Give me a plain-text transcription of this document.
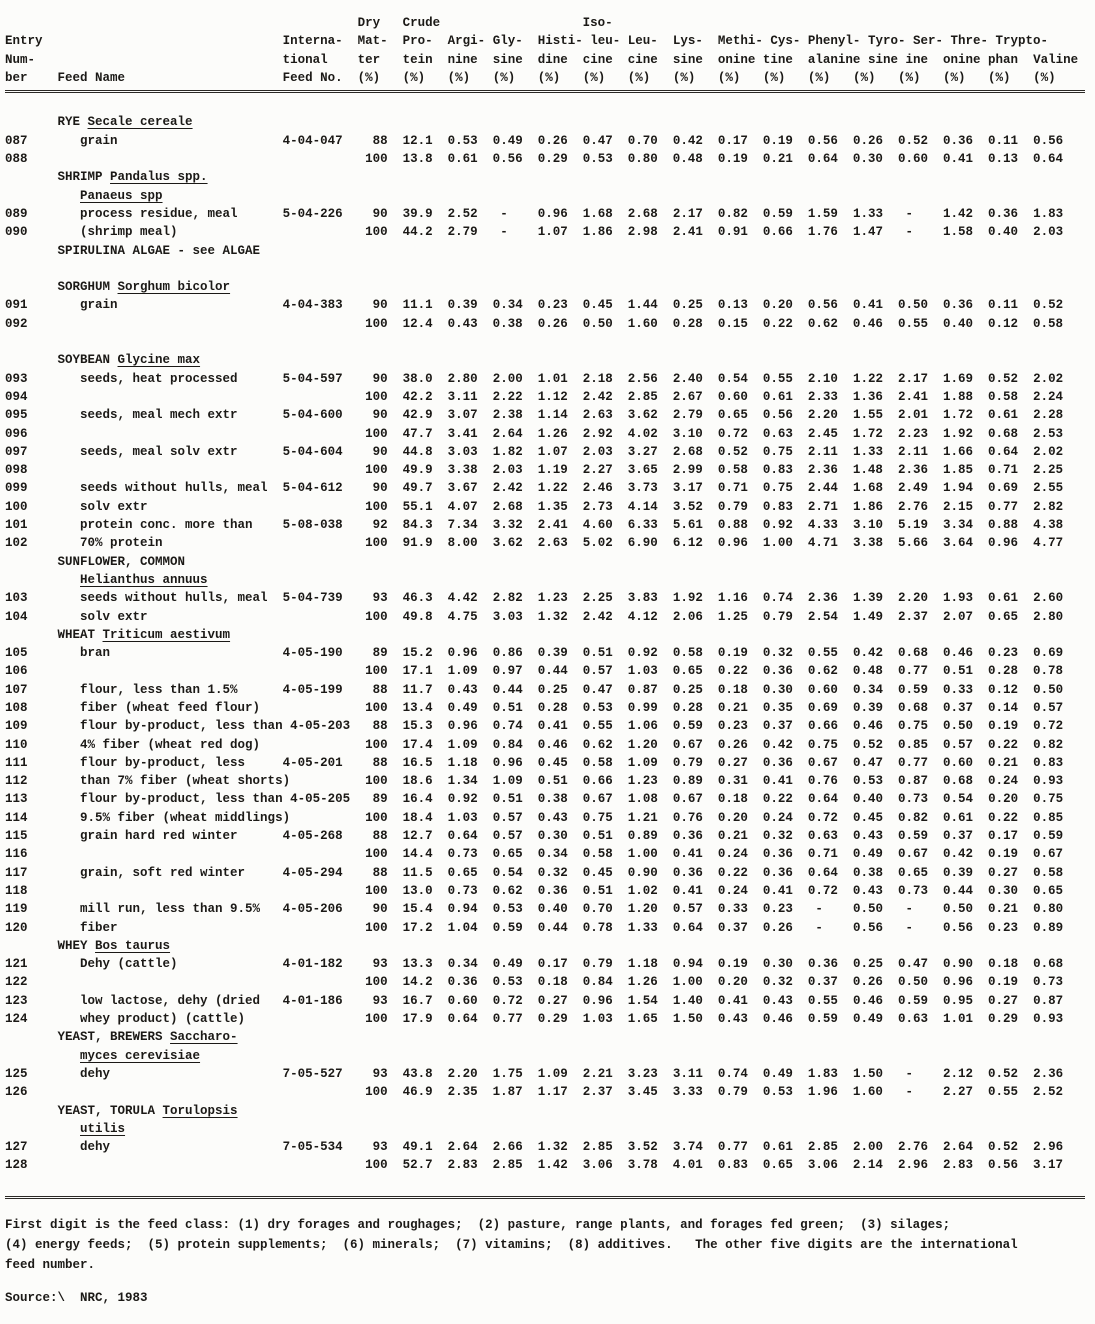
Dry Crude	Iso-
Entry	Interna- Mat- Pro- Argi- Gly- Histi- leu- Leu- Lys- Methi- Cys- Phenyl- Tyro- Ser- Thre- Trypto-
Num-	tional ter tein nine sine dine cine cine sine onine tine alanine sine ine onine phan Valine
ber Feed Name	Feed No. (%) (%) (%) (%) (%) (%) (%) (%) (%) (%) (%) (%) (%) (%) (%) (%)
RYE Secale cereale
087	grain	4-04-047 88 12.1 0.53 0.49 0.26 0.47 0.70 0.42 0.17 0.19 0.56 0.26 0.52 0.36 0.11 0.56
088	100 13.8 0.61 0.56 0.29 0.53 0.80 0.48 0.19 0.21 0.64 0.30 0.60 0.41 0.13 0.64
SHRIMP Pandalus spp.
Panaeus spp
089	process residue, meal	5-04-226 90 39.9 2.52 - 0.96 1.68 2.68 2.17 0.82 0.59 1.59 1.33 - 1.42 0.36 1.83
090	(shrimp meal)	100 44.2 2.79 - 1.07 1.86 2.98 2.41 0.91 0.66 1.76 1.47 - 1.58 0.40 2.03
SPIRULINA ALGAE - see ALGAE
SORGHUM Sorghum bicolor
091	grain	4-04-383 90 11.1 0.39 0.34 0.23 0.45 1.44 0.25 0.13 0.20 0.56 0.41 0.50 0.36 0.11 0.52
092	100 12.4 0.43 0.38 0.26 0.50 1.60 0.28 0.15 0.22 0.62 0.46 0.55 0.40 0.12 0.58
SOYBEAN Glycine max
093	seeds, heat processed	5-04-597 90 38.0 2.80 2.00 1.01 2.18 2.56 2.40 0.54 0.55 2.10 1.22 2.17 1.69 0.52 2.02
094	100 42.2 3.11 2.22 1.12 2.42 2.85 2.67 0.60 0.61 2.33 1.36 2.41 1.88 0.58 2.24
095	seeds, meal mech extr	5-04-600 90 42.9 3.07 2.38 1.14 2.63 3.62 2.79 0.65 0.56 2.20 1.55 2.01 1.72 0.61 2.28
096	100 47.7 3.41 2.64 1.26 2.92 4.02 3.10 0.72 0.63 2.45 1.72 2.23 1.92 0.68 2.53
097	seeds, meal solv extr	5-04-604 90 44.8 3.03 1.82 1.07 2.03 3.27 2.68 0.52 0.75 2.11 1.33 2.11 1.66 0.64 2.02
098	100 49.9 3.38 2.03 1.19 2.27 3.65 2.99 0.58 0.83 2.36 1.48 2.36 1.85 0.71 2.25
099	seeds without hulls, meal 5-04-612 90 49.7 3.67 2.42 1.22 2.46 3.73 3.17 0.71 0.75 2.44 1.68 2.49 1.94 0.69 2.55
100	solv extr	100 55.1 4.07 2.68 1.35 2.73 4.14 3.52 0.79 0.83 2.71 1.86 2.76 2.15 0.77 2.82
101	protein conc. more than 5-08-038 92 84.3 7.34 3.32 2.41 4.60 6.33 5.61 0.88 0.92 4.33 3.10 5.19 3.34 0.88 4.38
102	70% protein	100 91.9 8.00 3.62 2.63 5.02 6.90 6.12 0.96 1.00 4.71 3.38 5.66 3.64 0.96 4.77
SUNFLOWER, COMMON
Helianthus annuus
103	seeds without hulls, meal 5-04-739 93 46.3 4.42 2.82 1.23 2.25 3.83 1.92 1.16 0.74 2.36 1.39 2.20 1.93 0.61 2.60
104	solv extr	100 49.8 4.75 3.03 1.32 2.42 4.12 2.06 1.25 0.79 2.54 1.49 2.37 2.07 0.65 2.80
WHEAT Triticum aestivum
105	bran	4-05-190 89 15.2 0.96 0.86 0.39 0.51 0.92 0.58 0.19 0.32 0.55 0.42 0.68 0.46 0.23 0.69
106	100 17.1 1.09 0.97 0.44 0.57 1.03 0.65 0.22 0.36 0.62 0.48 0.77 0.51 0.28 0.78
107	flour, less than 1.5%	4-05-199 88 11.7 0.43 0.44 0.25 0.47 0.87 0.25 0.18 0.30 0.60 0.34 0.59 0.33 0.12 0.50
108	fiber (wheat feed flour)	100 13.4 0.49 0.51 0.28 0.53 0.99 0.28 0.21 0.35 0.69 0.39 0.68 0.37 0.14 0.57
109	flour by-product, less than 4-05-203 88 15.3 0.96 0.74 0.41 0.55 1.06 0.59 0.23 0.37 0.66 0.46 0.75 0.50 0.19 0.72
110	4% fiber (wheat red dog)	100 17.4 1.09 0.84 0.46 0.62 1.20 0.67 0.26 0.42 0.75 0.52 0.85 0.57 0.22 0.82
111	flour by-product, less	4-05-201 88 16.5 1.18 0.96 0.45 0.58 1.09 0.79 0.27 0.36 0.67 0.47 0.77 0.60 0.21 0.83
112	than 7% fiber (wheat shorts)	100 18.6 1.34 1.09 0.51 0.66 1.23 0.89 0.31 0.41 0.76 0.53 0.87 0.68 0.24 0.93
113	flour by-product, less than 4-05-205 89 16.4 0.92 0.51 0.38 0.67 1.08 0.67 0.18 0.22 0.64 0.40 0.73 0.54 0.20 0.75
114	9.5% fiber (wheat middlings)	100 18.4 1.03 0.57 0.43 0.75 1.21 0.76 0.20 0.24 0.72 0.45 0.82 0.61 0.22 0.85
115	grain hard red winter	4-05-268 88 12.7 0.64 0.57 0.30 0.51 0.89 0.36 0.21 0.32 0.63 0.43 0.59 0.37 0.17 0.59
116	100 14.4 0.73 0.65 0.34 0.58 1.00 0.41 0.24 0.36 0.71 0.49 0.67 0.42 0.19 0.67
117	grain, soft red winter	4-05-294 88 11.5 0.65 0.54 0.32 0.45 0.90 0.36 0.22 0.36 0.64 0.38 0.65 0.39 0.27 0.58
118	100 13.0 0.73 0.62 0.36 0.51 1.02 0.41 0.24 0.41 0.72 0.43 0.73 0.44 0.30 0.65
119	mill run, less than 9.5% 4-05-206 90 15.4 0.94 0.53 0.40 0.70 1.20 0.57 0.33 0.23 - 0.50 - 0.50 0.21 0.80
120	fiber	100 17.2 1.04 0.59 0.44 0.78 1.33 0.64 0.37 0.26 - 0.56 - 0.56 0.23 0.89
WHEY Bos taurus
121	Dehy (cattle)	4-01-182 93 13.3 0.34 0.49 0.17 0.79 1.18 0.94 0.19 0.30 0.36 0.25 0.47 0.90 0.18 0.68
122	100 14.2 0.36 0.53 0.18 0.84 1.26 1.00 0.20 0.32 0.37 0.26 0.50 0.96 0.19 0.73
123	low lactose, dehy (dried 4-01-186 93 16.7 0.60 0.72 0.27 0.96 1.54 1.40 0.41 0.43 0.55 0.46 0.59 0.95 0.27 0.87
124	whey product) (cattle)	100 17.9 0.64 0.77 0.29 1.03 1.65 1.50 0.43 0.46 0.59 0.49 0.63 1.01 0.29 0.93
YEAST, BREWERS Saccharo-
myces cerevisiae
125	dehy	7-05-527 93 43.8 2.20 1.75 1.09 2.21 3.23 3.11 0.74 0.49 1.83 1.50 - 2.12 0.52 2.36
126	100 46.9 2.35 1.87 1.17 2.37 3.45 3.33 0.79 0.53 1.96 1.60 - 2.27 0.55 2.52
YEAST, TORULA Torulopsis
utilis
127	dehy	7-05-534 93 49.1 2.64 2.66 1.32 2.85 3.52 3.74 0.77 0.61 2.85 2.00 2.76 2.64 0.52 2.96
128	100 52.7 2.83 2.85 1.42 3.06 3.78 4.01 0.83 0.65 3.06 2.14 2.96 2.83 0.56 3.17
First digit is the feed class: (1) dry forages and roughages;  (2) pasture, range plants, and forages fed green;  (3) silages;
(4) energy feeds;  (5) protein supplements;  (6) minerals;  (7) vitamins;  (8) additives.   The other five digits are the international
feed number.
Source:\  NRC, 1983
